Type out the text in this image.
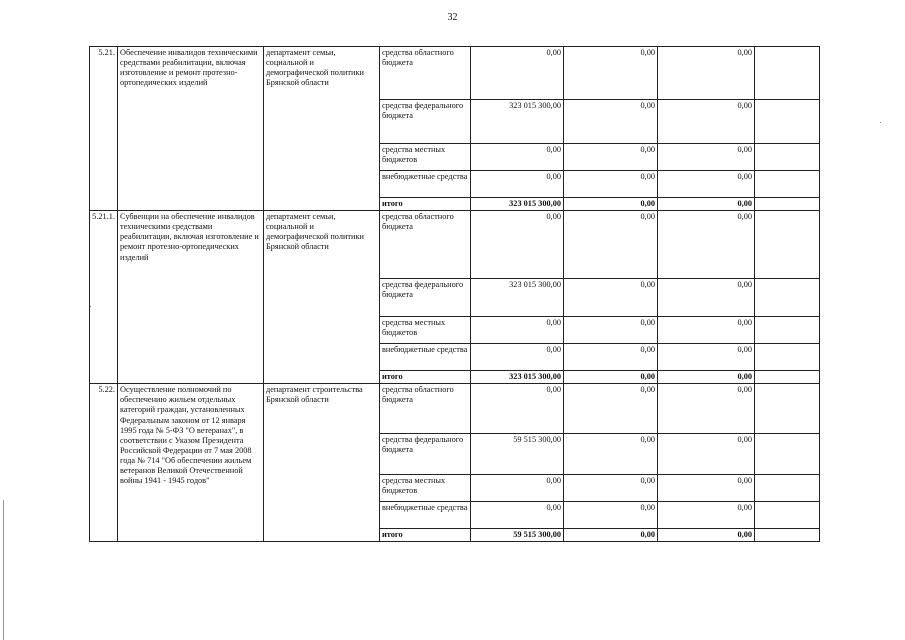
32
5.21.	Обеспечение инвалидов техническими средствами реабилитации, включая изготовление и ремонт протезно-ортопедических изделий	департамент семьи, социальной и демографической политики Брянской области	средства областного бюджета	0,00	0,00	0,00	
			средства федерального бюджета	323 015 300,00	0,00	0,00	
			средства местных бюджетов	0,00	0,00	0,00	
			внебюджетные средства	0,00	0,00	0,00	
			итого	323 015 300,00	0,00	0,00	
5.21.1.	Субвенции на обеспечение инвалидов техническими средствами реабилитации, включая изготовление и ремонт протезно-ортопедических изделий	департамент семьи, социальной и демографической политики Брянской области	средства областного бюджета	0,00	0,00	0,00	
			средства федерального бюджета	323 015 300,00	0,00	0,00	
			средства местных бюджетов	0,00	0,00	0,00	
			внебюджетные средства	0,00	0,00	0,00	
			итого	323 015 300,00	0,00	0,00	
5.22.	Осуществление полномочий по обеспечению жильем отдельных категорий граждан, установленных Федеральным законом от 12 января 1995 года № 5-ФЗ "О ветеранах", в соответствии с Указом Президента Российской Федерации от 7 мая 2008 года № 714 "Об обеспечении жильем ветеранов Великой Отечественной войны 1941 - 1945 годов"	департамент строительства Брянской области	средства областного бюджета	0,00	0,00	0,00	
			средства федерального бюджета	59 515 300,00	0,00	0,00	
			средства местных бюджетов	0,00	0,00	0,00	
			внебюджетные средства	0,00	0,00	0,00	
			итого	59 515 300,00	0,00	0,00	
